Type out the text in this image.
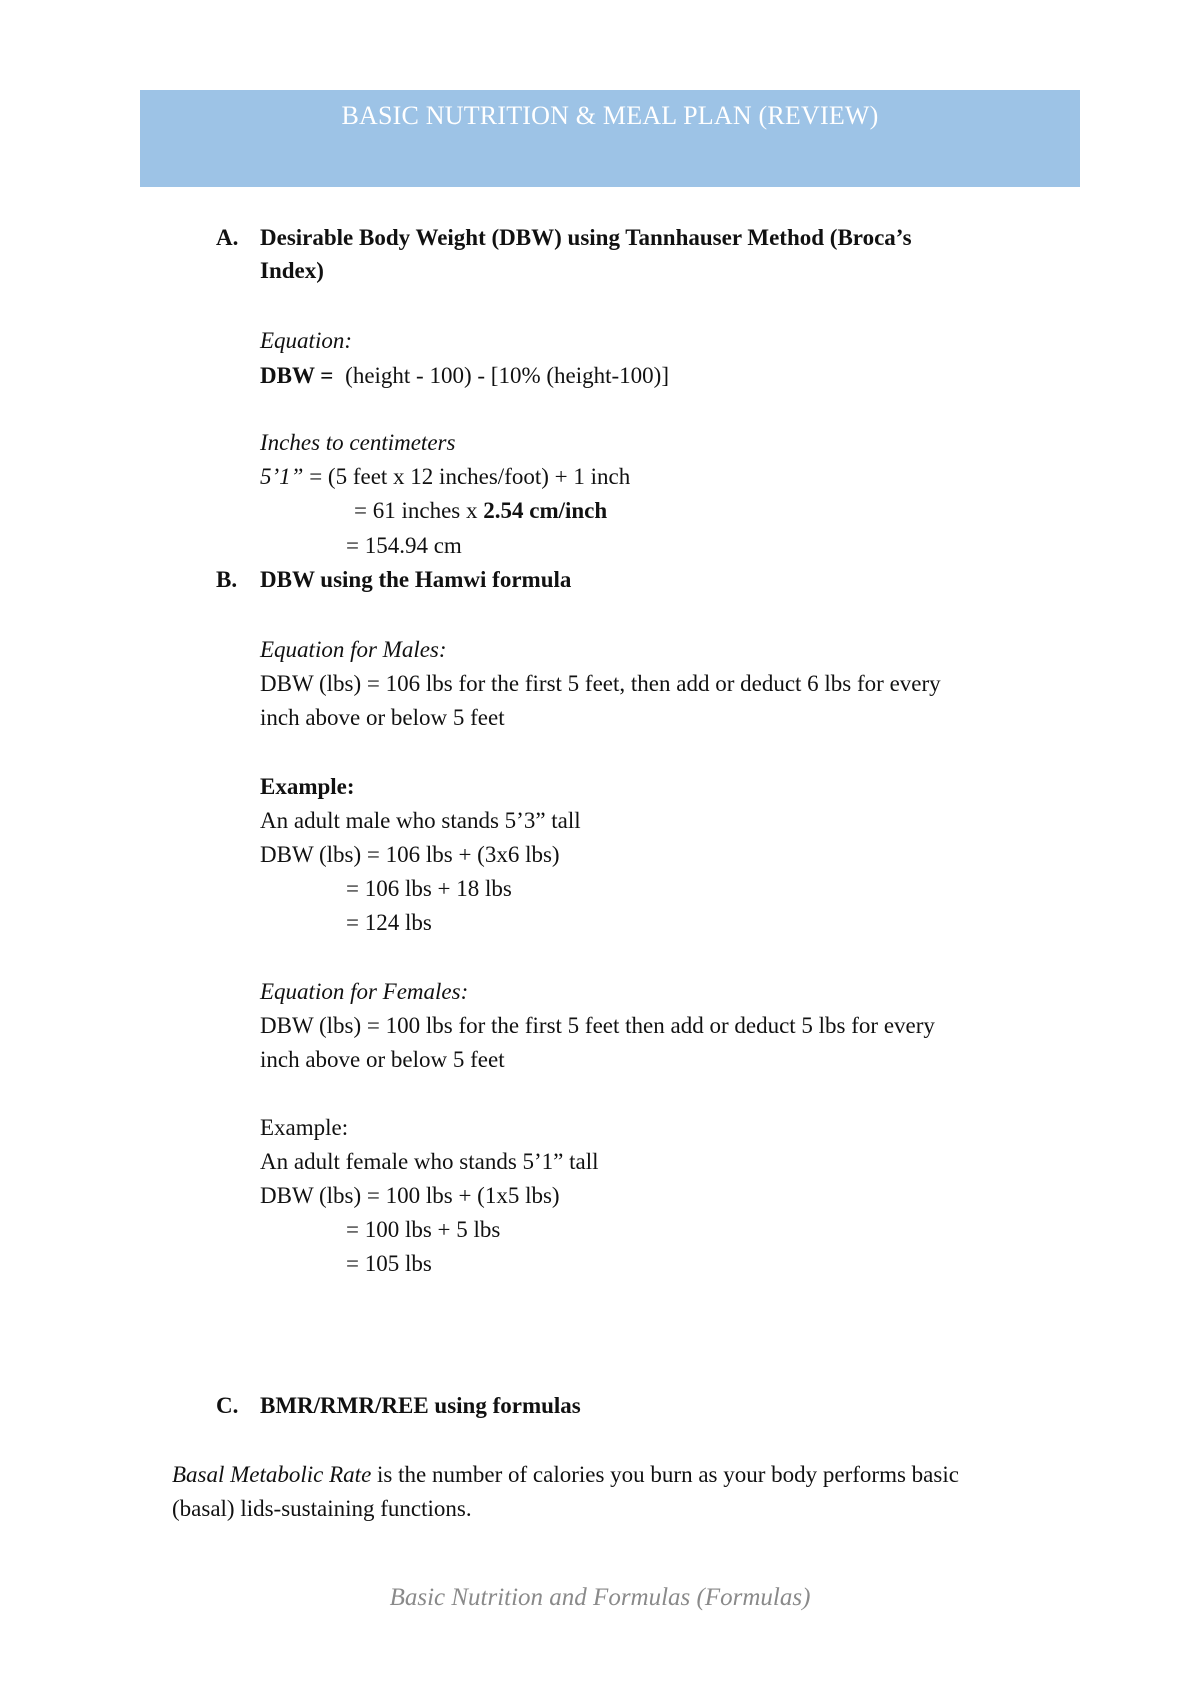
BASIC NUTRITION & MEAL PLAN (REVIEW)
A. Desirable Body Weight (DBW) using Tannhauser Method (Broca’s
Index)
Equation:
DBW = (height - 100) - [10% (height-100)]
Inches to centimeters
5’1” = (5 feet x 12 inches/foot) + 1 inch
= 61 inches x 2.54 cm/inch
= 154.94 cm
B. DBW using the Hamwi formula
Equation for Males:
DBW (lbs) = 106 lbs for the first 5 feet, then add or deduct 6 lbs for every
inch above or below 5 feet
Example:
An adult male who stands 5’3” tall
DBW (lbs) = 106 lbs + (3x6 lbs)
= 106 lbs + 18 lbs
= 124 lbs
Equation for Females:
DBW (lbs) = 100 lbs for the first 5 feet then add or deduct 5 lbs for every
inch above or below 5 feet
Example:
An adult female who stands 5’1” tall
DBW (lbs) = 100 lbs + (1x5 lbs)
= 100 lbs + 5 lbs
= 105 lbs
C. BMR/RMR/REE using formulas
Basal Metabolic Rate is the number of calories you burn as your body performs basic
(basal) lids-sustaining functions.
Basic Nutrition and Formulas (Formulas)
